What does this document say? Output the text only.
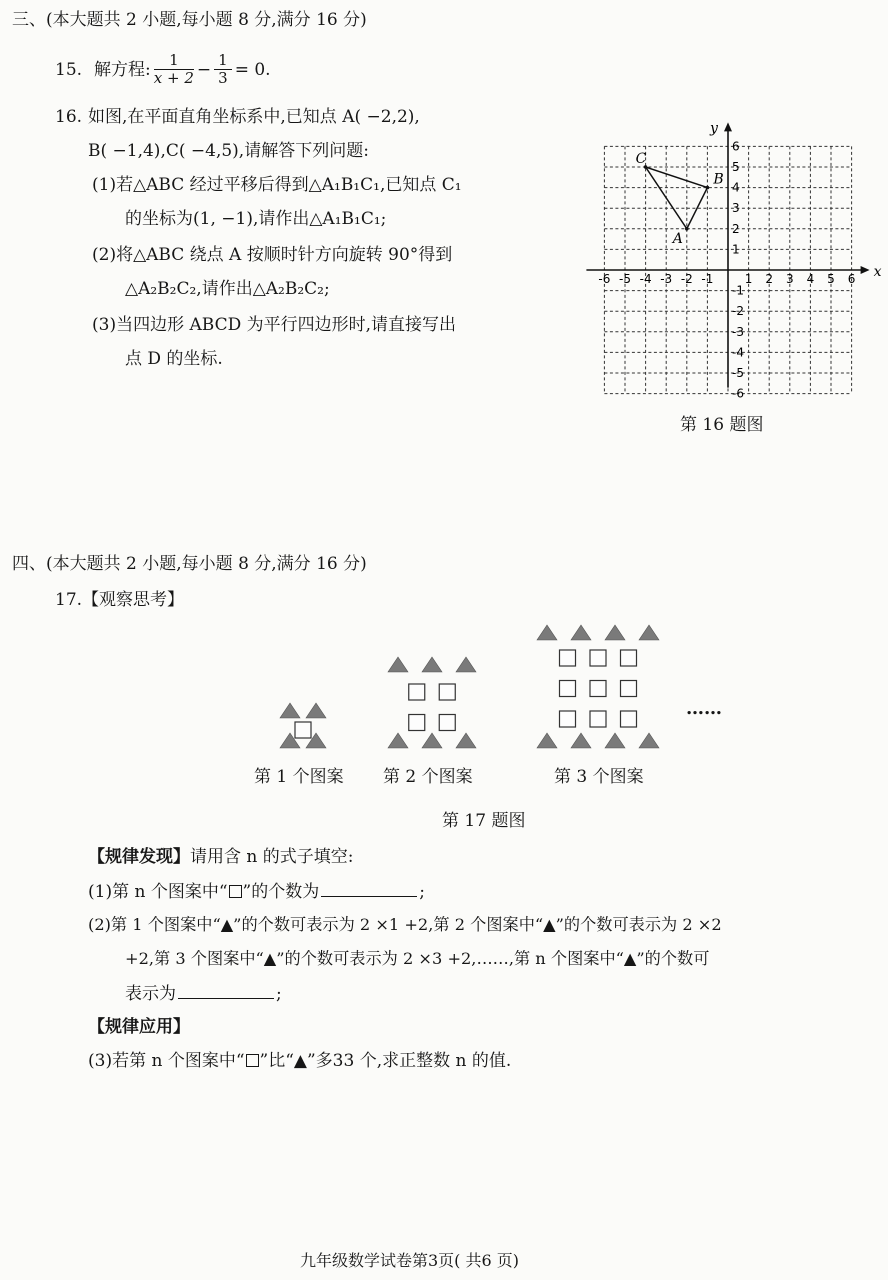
三、(本大题共 2 小题,每小题 8 分,满分 16 分)
15. 解方程: $\frac{1}{x + 2} - \frac{1}{3} = 0$.
16. 如图,在平面直角坐标系中,已知点 A( −2,2),
B( −1,4),C( −4,5),请解答下列问题:
(1)若△ABC 经过平移后得到△A₁B₁C₁,已知点 C₁
的坐标为(1, −1),请作出△A₁B₁C₁;
(2)将△ABC 绕点 A 按顺时针方向旋转 90°得到
△A₂B₂C₂,请作出△A₂B₂C₂;
(3)当四边形 ABCD 为平行四边形时,请直接写出
点 D 的坐标.
x
y
-6 -5 -4 -3 -2 -1	1 2 3 4 5 6
6
5
4
3
2
1
-1
-2
-3
-4
-5
-6
A
B
C
第 16 题图
四、(本大题共 2 小题,每小题 8 分,满分 16 分)
17. 【观察思考】
……
第 1 个图案 第 2 个图案	第 3 个图案
第 17 题图
【规律发现】请用含 n 的式子填空:
(1)第 n 个图案中“ ”的个数为	;
(2)第 1 个图案中“▲”的个数可表示为 2 ×1 +2,第 2 个图案中“▲”的个数可表示为 2 ×2
+2,第 3 个图案中“▲”的个数可表示为 2 ×3 +2,……,第 n 个图案中“▲”的个数可
表示为	;
【规律应用】
(3)若第 n 个图案中“ ”比“▲”多33 个,求正整数 n 的值.
九年级数学试卷第3页( 共6 页)
